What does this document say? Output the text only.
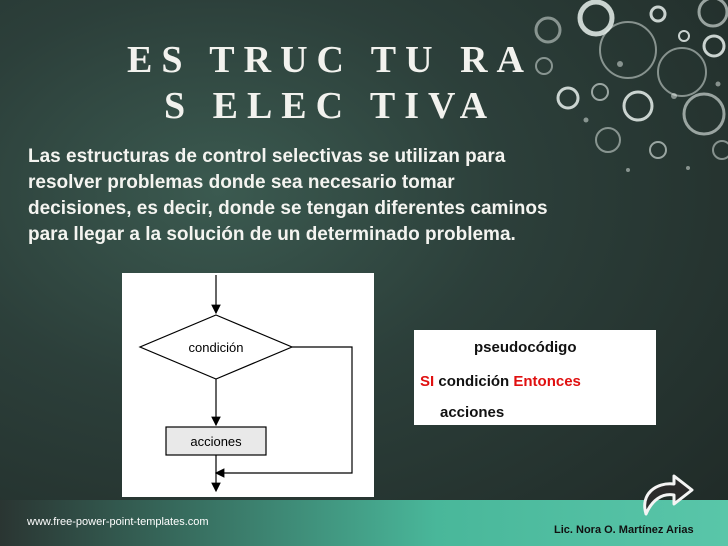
ES TRUC TU RA
S ELEC TIVA

Las estructuras de control selectivas se utilizan para
resolver problemas donde sea necesario tomar
decisiones, es decir, donde se tengan diferentes caminos
para llegar a la solución de un determinado problema.

condición
acciones
pseudocódigo
SI condición Entonces
acciones
www.free-power-point-templates.com
Lic. Nora O. Martínez Arias
